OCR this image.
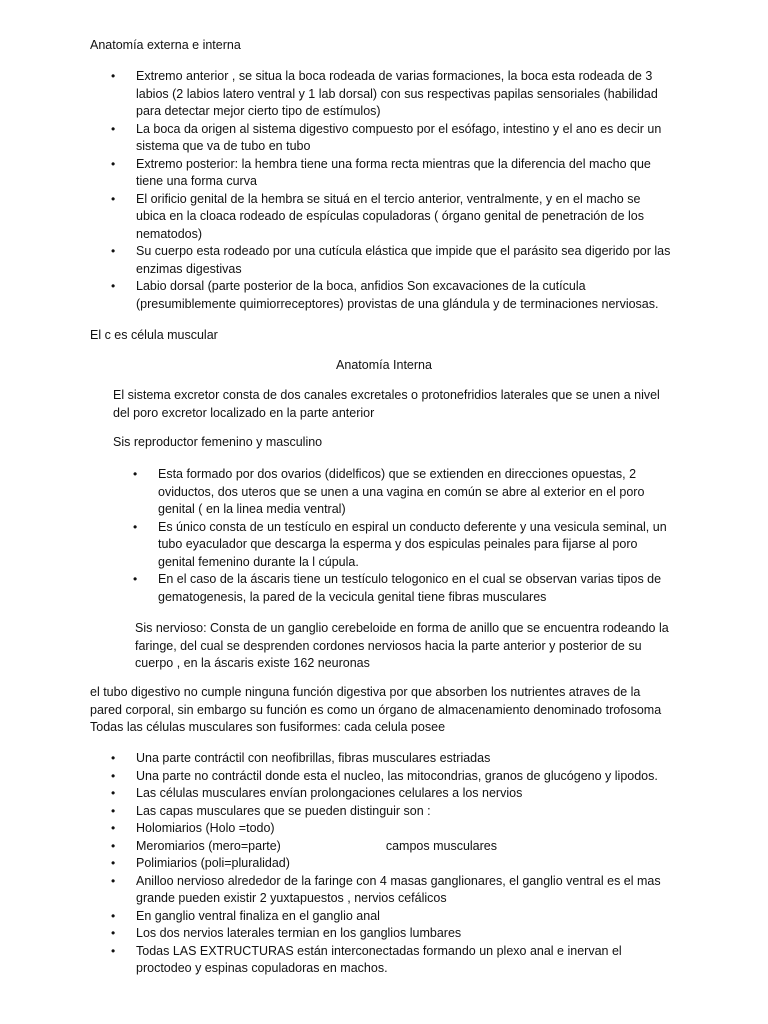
Anatomía externa e interna

• Extremo anterior , se situa la boca rodeada de varias formaciones, la boca esta rodeada de 3 labios (2 labios latero ventral y 1 lab dorsal) con sus respectivas papilas sensoriales (habilidad para detectar mejor cierto tipo de estímulos)
• La boca da origen al sistema digestivo compuesto por el esófago, intestino y el ano es decir un sistema que va de tubo en tubo
• Extremo posterior: la hembra tiene una forma recta mientras que la diferencia del macho que tiene una forma curva
• El orificio genital de la hembra se situá en el tercio anterior, ventralmente, y en el macho se ubica en la cloaca rodeado de espículas copuladoras ( órgano genital de penetración de los nematodos)
• Su cuerpo esta rodeado por una cutícula elástica que impide que el parásito sea digerido por las enzimas digestivas
• Labio dorsal (parte posterior de la boca, anfidios Son excavaciones de la cutícula (presumiblemente quimiorreceptores) provistas de una glándula y de terminaciones nerviosas.

El c es célula muscular

Anatomía Interna

El sistema excretor consta de dos canales excretales o protonefridios laterales que se unen a nivel del poro excretor localizado en la parte anterior

Sis reproductor femenino y masculino

• Esta formado por dos ovarios (didelficos) que se extienden en direcciones opuestas, 2 oviductos, dos uteros que se unen a una vagina en común se abre al exterior en el poro genital ( en la linea media ventral)
• Es único consta de un testículo en espiral un conducto deferente y una vesicula seminal, un tubo eyaculador que descarga la esperma y dos espiculas peinales para fijarse al poro genital femenino durante la l cúpula.
• En el caso de la áscaris tiene un testículo telogonico en el cual se observan varias tipos de gematogenesis, la pared de la vecicula genital tiene fibras musculares

Sis nervioso: Consta de un ganglio cerebeloide en forma de anillo que se encuentra rodeando la faringe, del cual se desprenden cordones nerviosos hacia la parte anterior y posterior de su cuerpo , en la áscaris existe 162 neuronas

el tubo digestivo no cumple ninguna función digestiva por que absorben los nutrientes atraves de la pared corporal, sin embargo su función es como un órgano de almacenamiento denominado trofosoma Todas las células musculares son fusiformes: cada celula posee

• Una parte contráctil con neofibrillas, fibras musculares estriadas
• Una parte no contráctil donde esta el nucleo, las mitocondrias, granos de glucógeno y lipodos.
• Las células musculares envían prolongaciones celulares a los nervios
• Las capas musculares que se pueden distinguir son :
• Holomiarios (Holo =todo)
• Meromiarios (mero=parte)	campos musculares
• Polimiarios (poli=pluralidad)
• Anilloo nervioso alrededor de la faringe con 4 masas ganglionares, el ganglio ventral es el mas grande pueden existir 2 yuxtapuestos , nervios cefálicos
• En ganglio ventral finaliza en el ganglio anal
• Los dos nervios laterales termian en los ganglios lumbares
• Todas LAS EXTRUCTURAS están interconectadas formando un plexo anal e inervan el proctodeo y espinas copuladoras en machos.
